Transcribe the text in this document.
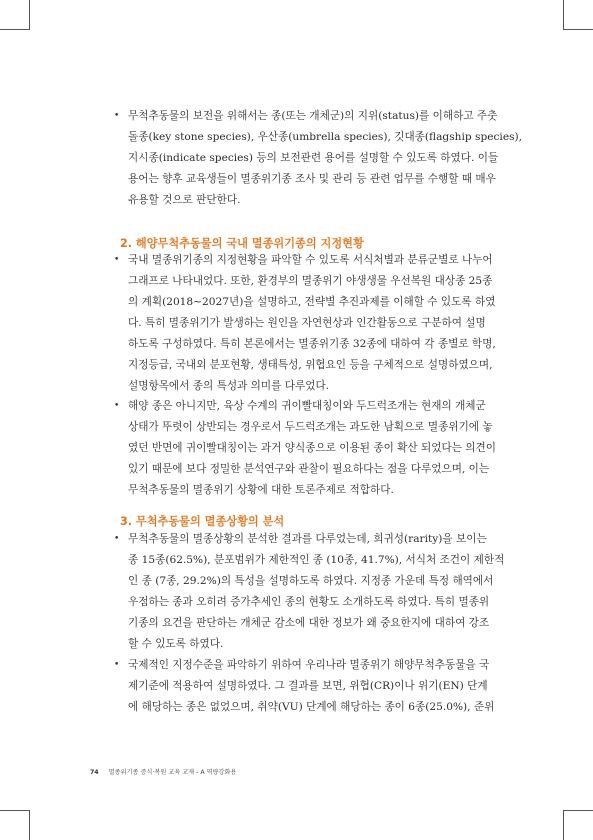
• 무척추동물의 보전을 위해서는 종(또는 개체군)의 지위(status)를 이해하고 주춧
돌종(key stone species), 우산종(umbrella species), 깃대종(flagship species),
지시종(indicate species) 등의 보전관련 용어를 설명할 수 있도록 하였다. 이들
용어는 향후 교육생들이 멸종위기종 조사 및 관리 등 관련 업무를 수행할 때 매우
유용할 것으로 판단한다.
2. 해양무척추동물의 국내 멸종위기종의 지정현황
• 국내 멸종위기종의 지정현황을 파악할 수 있도록 서식처별과 분류군별로 나누어
그래프로 나타내었다. 또한, 환경부의 멸종위기 야생생물 우선복원 대상종 25종
의 계획(2018~2027년)을 설명하고, 전략별 추진과제를 이해할 수 있도록 하였
다. 특히 멸종위기가 발생하는 원인을 자연현상과 인간활동으로 구분하여 설명
하도록 구성하였다. 특히 본론에서는 멸종위기종 32종에 대하여 각 종별로 학명,
지정등급, 국내외 분포현황, 생태특성, 위협요인 등을 구체적으로 설명하였으며,
설명항목에서 종의 특성과 의미를 다루었다.
• 해양 종은 아니지만, 육상 수계의 귀이빨대칭이와 두드럭조개는 현재의 개체군
상태가 뚜렷이 상반되는 경우로서 두드럭조개는 과도한 남획으로 멸종위기에 놓
였던 반면에 귀이빨대칭이는 과거 양식종으로 이용된 종이 확산 되었다는 의견이
있기 때문에 보다 정밀한 분석연구와 관찰이 필요하다는 점을 다루었으며, 이는
무척추동물의 멸종위기 상황에 대한 토론주제로 적합하다.
3. 무척추동물의 멸종상황의 분석
• 무척추동물의 멸종상황의 분석한 결과를 다루었는데, 희귀성(rarity)을 보이는
종 15종(62.5%), 분포범위가 제한적인 종 (10종, 41.7%), 서식처 조건이 제한적
인 종 (7종, 29.2%)의 특성을 설명하도록 하였다. 지정종 가운데 특정 해역에서
우점하는 종과 오히려 증가추세인 종의 현황도 소개하도록 하였다. 특히 멸종위
기종의 요건을 판단하는 개체군 감소에 대한 정보가 왜 중요한지에 대하여 강조
할 수 있도록 하였다.
• 국제적인 지정수준을 파악하기 위하여 우리나라 멸종위기 해양무척추동물을 국
제기준에 적용하여 설명하였다. 그 결과를 보면, 위협(CR)이나 위기(EN) 단계
에 해당하는 종은 없었으며, 취약(VU) 단계에 해당하는 종이 6종(25.0%), 준위
74 멸종위기종 증식·복원 교육 교재 - A 역량강화용
